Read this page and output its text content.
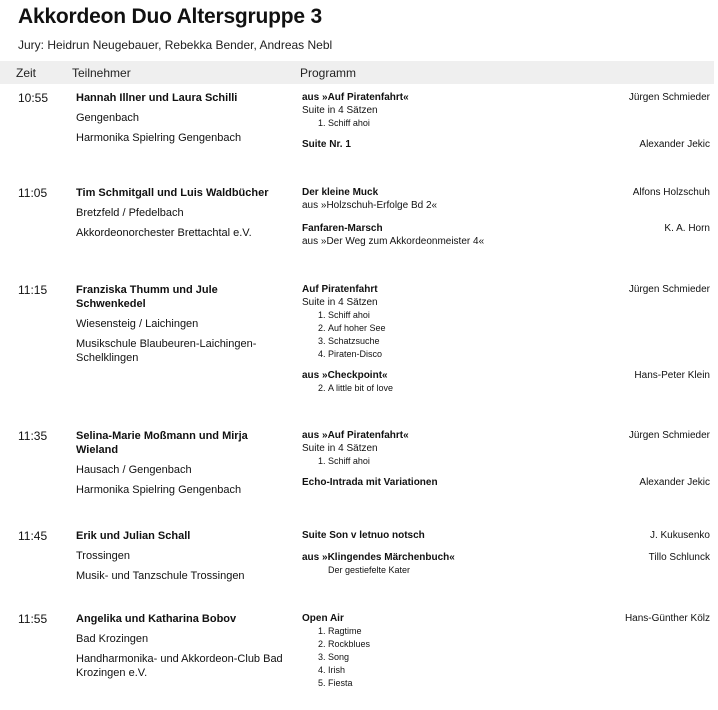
Akkordeon Duo Altersgruppe 3
Jury: Heidrun Neugebauer, Rebekka Bender, Andreas Nebl
Zeit	Teilnehmer	Programm
10:55	Hannah Illner und Laura Schilli
Gengenbach
Harmonika Spielring Gengenbach
aus »Auf Piratenfahrt«	Jürgen Schmieder
Suite in 4 Sätzen
1. Schiff ahoi
Suite Nr. 1	Alexander Jekic
11:05	Tim Schmitgall und Luis Waldbücher
Bretzfeld / Pfedelbach
Akkordeonorchester Brettachtal e.V.
Der kleine Muck	Alfons Holzschuh
aus »Holzschuh-Erfolge Bd 2«
Fanfaren-Marsch	K. A. Horn
aus »Der Weg zum Akkordeonmeister 4«
11:15	Franziska Thumm und Jule Schwenkedel
Wiesensteig / Laichingen
Musikschule Blaubeuren-Laichingen-Schelklingen
Auf Piratenfahrt	Jürgen Schmieder
Suite in 4 Sätzen
1. Schiff ahoi
2. Auf hoher See
3. Schatzsuche
4. Piraten-Disco
aus »Checkpoint«	Hans-Peter Klein
2. A little bit of love
11:35	Selina-Marie Moßmann und Mirja Wieland
Hausach / Gengenbach
Harmonika Spielring Gengenbach
aus »Auf Piratenfahrt«	Jürgen Schmieder
Suite in 4 Sätzen
1. Schiff ahoi
Echo-Intrada mit Variationen	Alexander Jekic
11:45	Erik und Julian Schall
Trossingen
Musik- und Tanzschule Trossingen
Suite Son v letnuo notsch	J. Kukusenko
aus »Klingendes Märchenbuch«	Tillo Schlunck
Der gestiefelte Kater
11:55	Angelika und Katharina Bobov
Bad Krozingen
Handharmonika- und Akkordeon-Club Bad Krozingen e.V.
Open Air	Hans-Günther Kölz
1. Ragtime
2. Rockblues
3. Song
4. Irish
5. Fiesta
